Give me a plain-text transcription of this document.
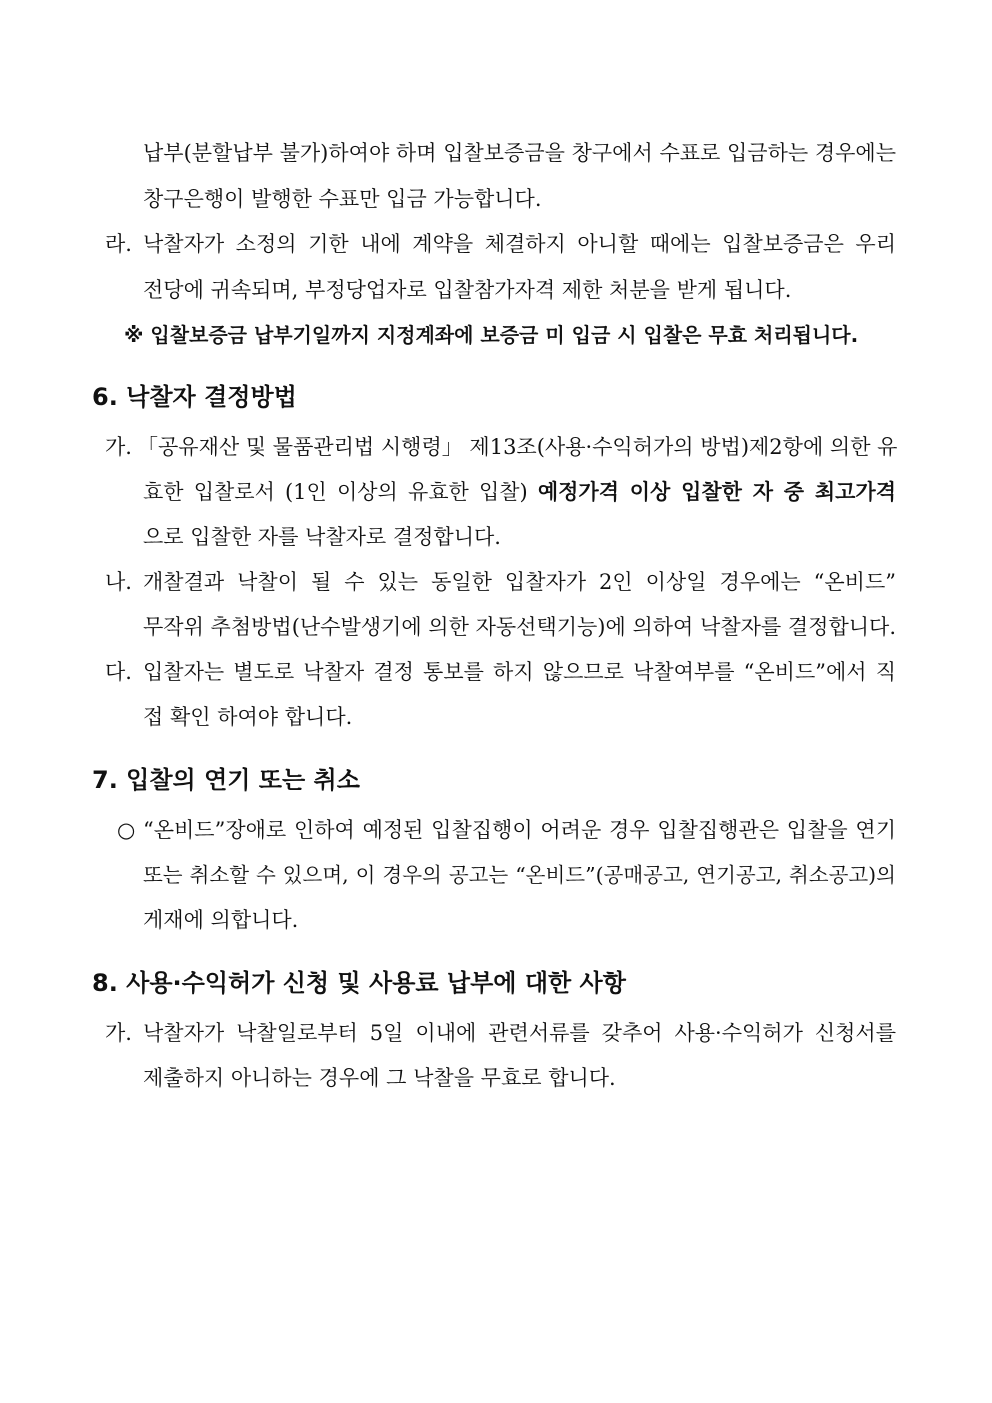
납부(분할납부 불가)하여야 하며 입찰보증금을 창구에서 수표로 입금하는 경우에는
창구은행이 발행한 수표만 입금 가능합니다.
라. 낙찰자가 소정의 기한 내에 계약을 체결하지 아니할 때에는 입찰보증금은 우리
전당에 귀속되며, 부정당업자로 입찰참가자격 제한 처분을 받게 됩니다.
※ 입찰보증금 납부기일까지 지정계좌에 보증금 미 입금 시 입찰은 무효 처리됩니다.
6. 낙찰자 결정방법
가. 「공유재산 및 물품관리법 시행령」 제13조(사용·수익허가의 방법)제2항에 의한 유
효한 입찰로서 (1인 이상의 유효한 입찰) 예정가격 이상 입찰한 자 중 최고가격
으로 입찰한 자를 낙찰자로 결정합니다.
나. 개찰결과 낙찰이 될 수 있는 동일한 입찰자가 2인 이상일 경우에는 “온비드”
무작위 추첨방법(난수발생기에 의한 자동선택기능)에 의하여 낙찰자를 결정합니다.
다. 입찰자는 별도로 낙찰자 결정 통보를 하지 않으므로 낙찰여부를 “온비드”에서 직
접 확인 하여야 합니다.
7. 입찰의 연기 또는 취소
○ “온비드”장애로 인하여 예정된 입찰집행이 어려운 경우 입찰집행관은 입찰을 연기
또는 취소할 수 있으며, 이 경우의 공고는 “온비드”(공매공고, 연기공고, 취소공고)의
게재에 의합니다.
8. 사용·수익허가 신청 및 사용료 납부에 대한 사항
가. 낙찰자가 낙찰일로부터 5일 이내에 관련서류를 갖추어 사용·수익허가 신청서를
제출하지 아니하는 경우에 그 낙찰을 무효로 합니다.
